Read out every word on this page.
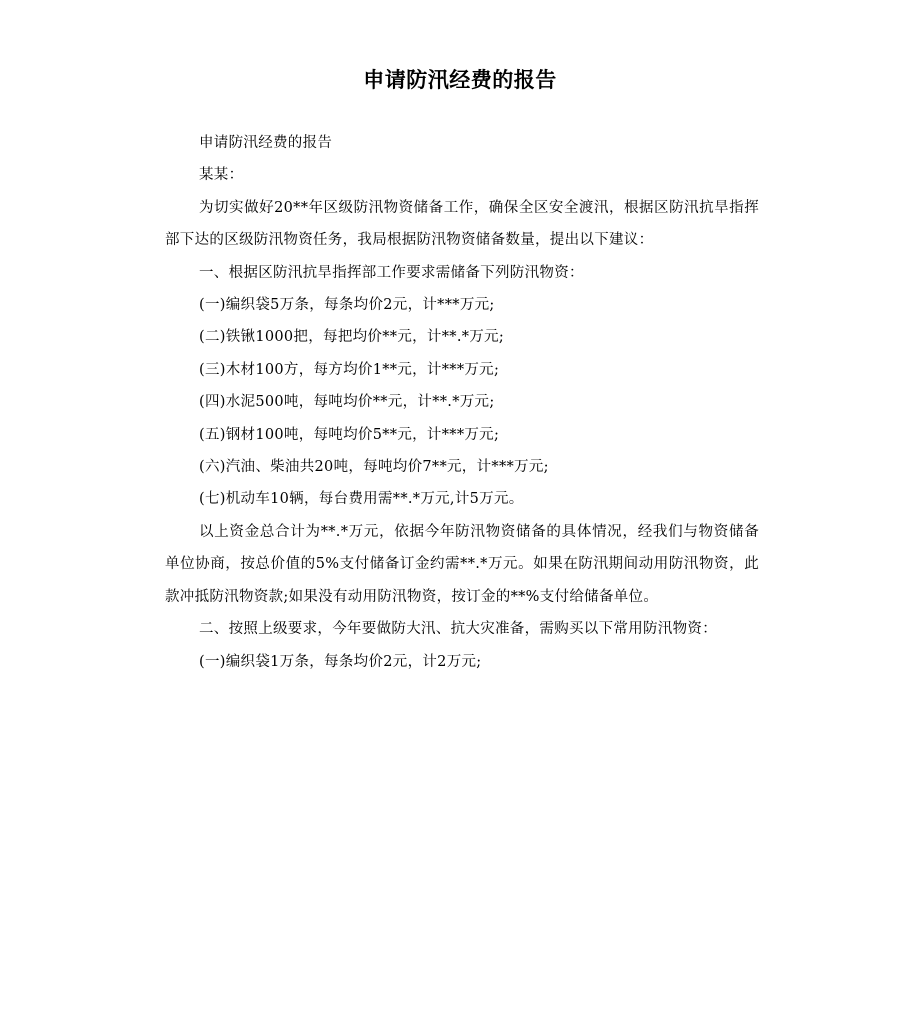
申请防汛经费的报告

申请防汛经费的报告

某某：

为切实做好20**年区级防汛物资储备工作，确保全区安全渡汛，根据区防汛抗旱指挥部下达的区级防汛物资任务，我局根据防汛物资储备数量，提出以下建议：

一、根据区防汛抗旱指挥部工作要求需储备下列防汛物资：

(一)编织袋5万条，每条均价2元，计***万元;

(二)铁锹1000把，每把均价**元，计**.*万元;

(三)木材100方，每方均价1**元，计***万元;

(四)水泥500吨，每吨均价**元，计**.*万元;

(五)钢材100吨，每吨均价5**元，计***万元;

(六)汽油、柴油共20吨，每吨均价7**元，计***万元;

(七)机动车10辆，每台费用需**.*万元,计5万元。

以上资金总合计为**.*万元，依据今年防汛物资储备的具体情况，经我们与物资储备单位协商，按总价值的5%支付储备订金约需**.*万元。如果在防汛期间动用防汛物资，此款冲抵防汛物资款;如果没有动用防汛物资，按订金的**%支付给储备单位。

二、按照上级要求，今年要做防大汛、抗大灾准备，需购买以下常用防汛物资：

(一)编织袋1万条，每条均价2元，计2万元;
